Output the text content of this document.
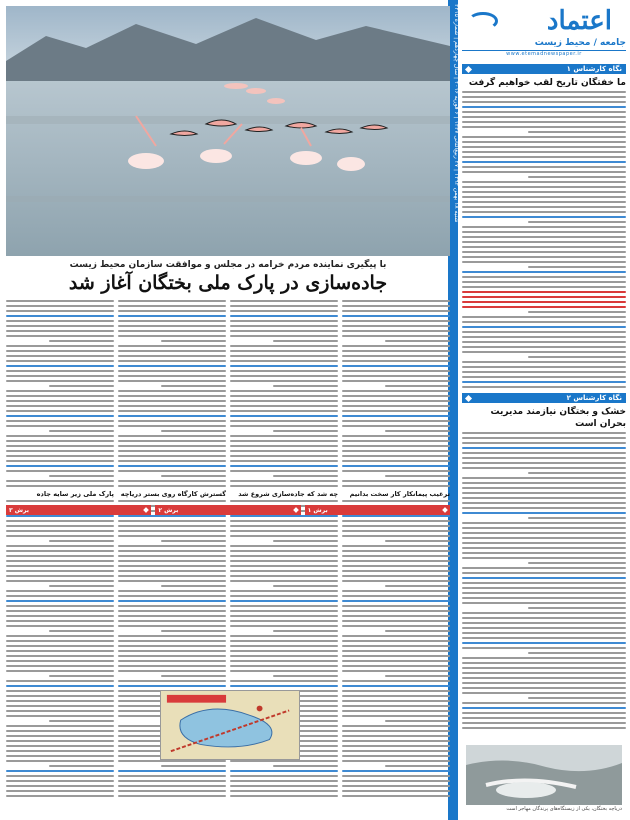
اعتماد
جامعه / محیط زیست
www.etemadnewspaper.ir
شنبه ۱۸ بهمن ۱۳۹۴ | ۲۷ ربیع‌الثانی ۱۴۳۷ | ۶ فوریه ۲۰۱۶ | سال چهاردهم | شماره ۳۴۱۵
نگاه کارشناس ۱
ما خفتگان تاریخ لقب خواهیم گرفت
نگاه کارشناس ۲
خشک و بختگان نیازمند مدیریت بحران است
با پیگیری نماینده مردم خرامه در مجلس و موافقت سازمان محیط زیست
جاده‌سازی در پارک ملی بختگان آغاز شد
ترغیب پیمانکار کار سخت بدانیم
چه شد که جاده‌سازی شروع شد
گسترش کارگاه روی بستر دریاچه
پارک ملی زیر سایه جاده
برش ۱
برش ۲
برش ۳
دریاچه بختگان، یکی از زیستگاه‌های پرندگان مهاجر است
